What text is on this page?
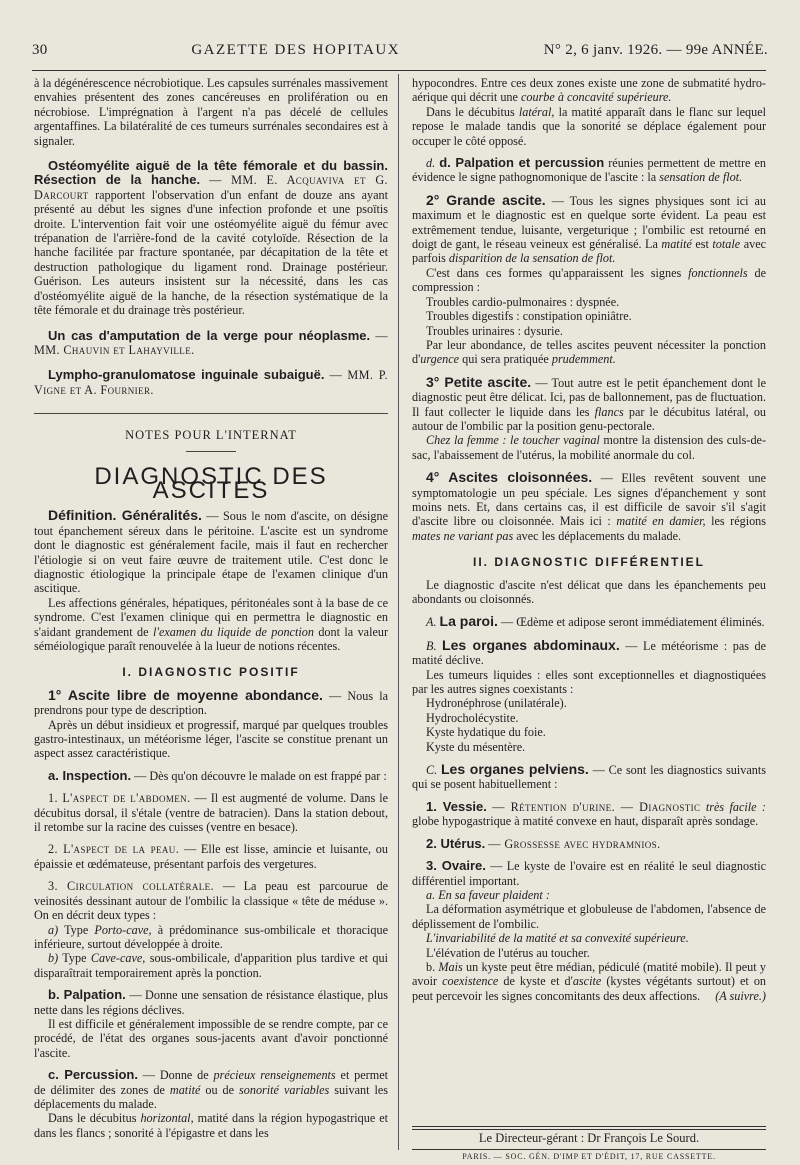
30	GAZETTE DES HOPITAUX	N° 2, 6 janv. 1926. — 99e ANNÉE.

à la dégénérescence nécrobiotique. Les capsules surrénales massivement envahies présentent des zones cancéreuses en prolifération ou en nécrobiose. L'imprégnation à l'argent n'a pas décelé de cellules argentaffines. La bilatéralité de ces tumeurs surrénales secondaires est à signaler.

Ostéomyélite aiguë de la tête fémorale et du bassin. Résection de la hanche. — MM. E. Acquaviva et G. Darcourt rapportent l'observation d'un enfant de douze ans ayant présenté au début les signes d'une infection profonde et une psoïtis droite. L'intervention fait voir une ostéomyélite aiguë du fémur avec trépanation de l'arrière-fond de la cavité cotyloïde. Résection de la hanche facilitée par fracture spontanée, par décapitation de la tête et destruction pathologique du ligament rond. Drainage postérieur. Guérison. Les auteurs insistent sur la nécessité, dans les cas d'ostéomyélite aiguë de la hanche, de la résection systématique de la tête fémorale et du drainage très postérieur.

Un cas d'amputation de la verge pour néoplasme. — MM. Chauvin et Lahayville.

Lympho-granulomatose inguinale subaiguë. — MM. P. Vigne et A. Fournier.

NOTES POUR L'INTERNAT
DIAGNOSTIC DES ASCITES

Définition. Généralités. — Sous le nom d'ascite, on désigne tout épanchement séreux dans le péritoine. L'ascite est un syndrome dont le diagnostic est généralement facile, mais il faut en rechercher l'étiologie si on veut faire œuvre de traitement utile. C'est donc le diagnostic étiologique la principale étape de l'examen clinique d'un ascitique.

Les affections générales, hépatiques, péritonéales sont à la base de ce syndrome. C'est l'examen clinique qui en permettra le diagnostic en s'aidant grandement de l'examen du liquide de ponction dont la valeur séméiologique paraît renouvelée à la lueur de notions récentes.

I. DIAGNOSTIC POSITIF

1° Ascite libre de moyenne abondance. — Nous la prendrons pour type de description.

Après un début insidieux et progressif, marqué par quelques troubles gastro-intestinaux, un météorisme léger, l'ascite se constitue prenant un aspect assez caractéristique.

a. Inspection. — Dès qu'on découvre le malade on est frappé par :

1. L'aspect de l'abdomen. — Il est augmenté de volume. Dans le décubitus dorsal, il s'étale (ventre de batracien). Dans la station debout, il retombe sur la racine des cuisses (ventre en besace).

2. L'aspect de la peau. — Elle est lisse, amincie et luisante, ou épaissie et œdémateuse, présentant parfois des vergetures.

3. Circulation collatérale. — La peau est parcourue de veinosités dessinant autour de l'ombilic la classique « tête de méduse ». On en décrit deux types :

a) Type Porto-cave, à prédominance sus-ombilicale et thoracique inférieure, surtout développée à droite.

b) Type Cave-cave, sous-ombilicale, d'apparition plus tardive et qui disparaîtrait temporairement après la ponction.

b. Palpation. — Donne une sensation de résistance élastique, plus nette dans les régions déclives.

Il est difficile et généralement impossible de se rendre compte, par ce procédé, de l'état des organes sous-jacents avant d'avoir ponctionné l'ascite.

c. Percussion. — Donne de précieux renseignements et permet de délimiter des zones de matité ou de sonorité variables suivant les déplacements du malade.

Dans le décubitus horizontal, matité dans la région hypogastrique et dans les flancs ; sonorité à l'épigastre et dans les

hypocondres. Entre ces deux zones existe une zone de submatité hydro-aérique qui décrit une courbe à concavité supérieure.

Dans le décubitus latéral, la matité apparaît dans le flanc sur lequel repose le malade tandis que la sonorité se déplace également pour occuper le côté opposé.

d. d. Palpation et percussion réunies permettent de mettre en évidence le signe pathognomonique de l'ascite : la sensation de flot.

2° Grande ascite. — Tous les signes physiques sont ici au maximum et le diagnostic est en quelque sorte évident. La peau est extrêmement tendue, luisante, vergeturique ; l'ombilic est retourné en doigt de gant, le réseau veineux est généralisé. La matité est totale avec parfois disparition de la sensation de flot.

C'est dans ces formes qu'apparaissent les signes fonctionnels de compression :

Troubles cardio-pulmonaires : dyspnée.

Troubles digestifs : constipation opiniâtre.

Troubles urinaires : dysurie.

Par leur abondance, de telles ascites peuvent nécessiter la ponction d'urgence qui sera pratiquée prudemment.

3° Petite ascite. — Tout autre est le petit épanchement dont le diagnostic peut être délicat. Ici, pas de ballonnement, pas de fluctuation. Il faut collecter le liquide dans les flancs par le décubitus latéral, ou autour de l'ombilic par la position genu-pectorale.

Chez la femme : le toucher vaginal montre la distension des culs-de-sac, l'abaissement de l'utérus, la mobilité anormale du col.

4° Ascites cloisonnées. — Elles revêtent souvent une symptomatologie un peu spéciale. Les signes d'épanchement y sont moins nets. Et, dans certains cas, il est difficile de savoir s'il s'agit d'ascite libre ou cloisonnée. Mais ici : matité en damier, les régions mates ne variant pas avec les déplacements du malade.

II. DIAGNOSTIC DIFFÉRENTIEL

Le diagnostic d'ascite n'est délicat que dans les épanchements peu abondants ou cloisonnés.

A. La paroi. — Œdème et adipose seront immédiatement éliminés.

B. Les organes abdominaux. — Le météorisme : pas de matité déclive.

Les tumeurs liquides : elles sont exceptionnelles et diagnostiquées par les autres signes coexistants :

Hydronéphrose (unilatérale).

Hydrocholécystite.

Kyste hydatique du foie.

Kyste du mésentère.

C. Les organes pelviens. — Ce sont les diagnostics suivants qui se posent habituellement :

1. Vessie. — Rétention d'urine. — Diagnostic très facile : globe hypogastrique à matité convexe en haut, disparaît après sondage.

2. Utérus. — Grossesse avec hydramnios.

3. Ovaire. — Le kyste de l'ovaire est en réalité le seul diagnostic différentiel important.

a. En sa faveur plaident :

La déformation asymétrique et globuleuse de l'abdomen, l'absence de déplissement de l'ombilic.

L'invariabilité de la matité et sa convexité supérieure.

L'élévation de l'utérus au toucher.

b. Mais un kyste peut être médian, pédiculé (matité mobile). Il peut y avoir coexistence de kyste et d'ascite (kystes végétants surtout) et on peut percevoir les signes concomitants des deux affections.	(A suivre.)

Le Directeur-gérant : Dr François Le Sourd.
PARIS. — SOC. GÉN. D'IMP ET D'ÉDIT, 17, RUE CASSETTE.
